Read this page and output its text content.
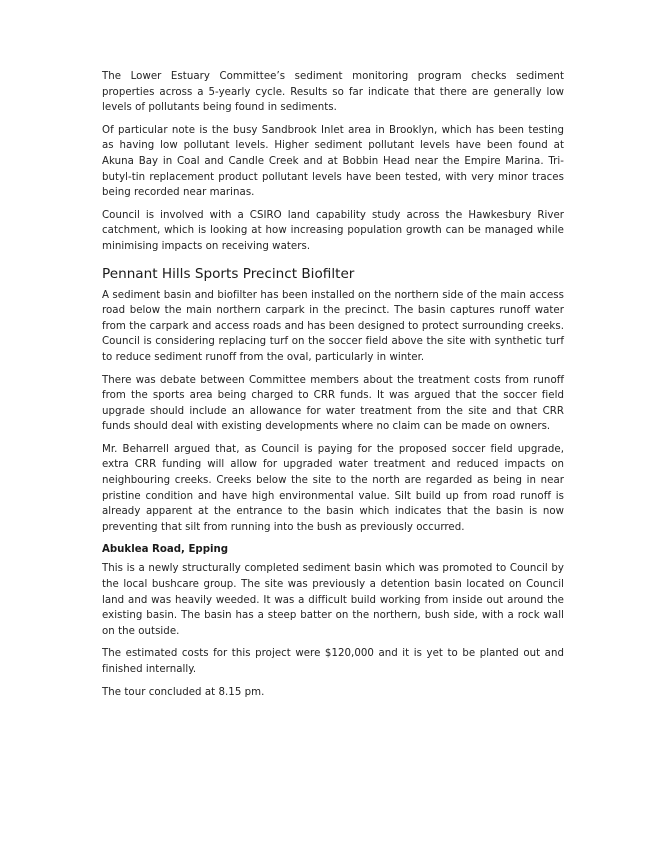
The Lower Estuary Committee’s sediment monitoring program checks sediment properties across a 5-yearly cycle. Results so far indicate that there are generally low levels of pollutants being found in sediments.

Of particular note is the busy Sandbrook Inlet area in Brooklyn, which has been testing as having low pollutant levels. Higher sediment pollutant levels have been found at Akuna Bay in Coal and Candle Creek and at Bobbin Head near the Empire Marina. Tri-butyl-tin replacement product pollutant levels have been tested, with very minor traces being recorded near marinas.

Council is involved with a CSIRO land capability study across the Hawkesbury River catchment, which is looking at how increasing population growth can be managed while minimising impacts on receiving waters.

Pennant Hills Sports Precinct Biofilter

A sediment basin and biofilter has been installed on the northern side of the main access road below the main northern carpark in the precinct. The basin captures runoff water from the carpark and access roads and has been designed to protect surrounding creeks. Council is considering replacing turf on the soccer field above the site with synthetic turf to reduce sediment runoff from the oval, particularly in winter.

There was debate between Committee members about the treatment costs from runoff from the sports area being charged to CRR funds. It was argued that the soccer field upgrade should include an allowance for water treatment from the site and that CRR funds should deal with existing developments where no claim can be made on owners.

Mr. Beharrell argued that, as Council is paying for the proposed soccer field upgrade, extra CRR funding will allow for upgraded water treatment and reduced impacts on neighbouring creeks. Creeks below the site to the north are regarded as being in near pristine condition and have high environmental value. Silt build up from road runoff is already apparent at the entrance to the basin which indicates that the basin is now preventing that silt from running into the bush as previously occurred.

Abuklea Road, Epping

This is a newly structurally completed sediment basin which was promoted to Council by the local bushcare group. The site was previously a detention basin located on Council land and was heavily weeded. It was a difficult build working from inside out around the existing basin. The basin has a steep batter on the northern, bush side, with a rock wall on the outside.

The estimated costs for this project were $120,000 and it is yet to be planted out and finished internally.

The tour concluded at 8.15 pm.
